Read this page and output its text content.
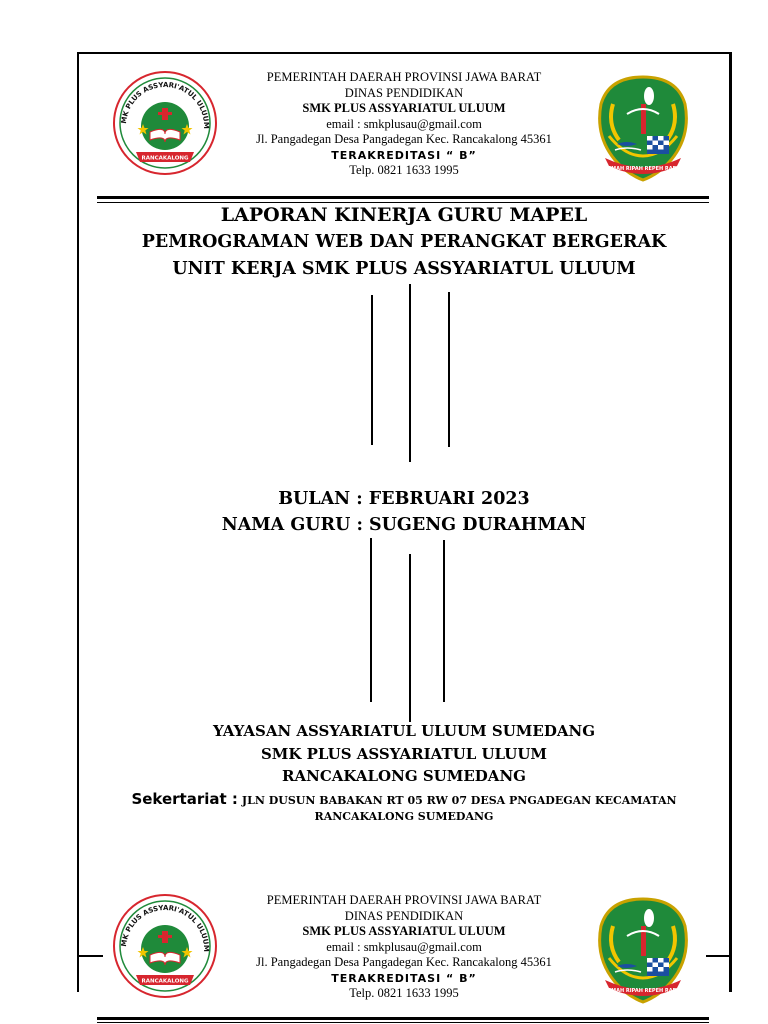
MK PLUS ASSYARI'ATUL ULUUM
RANCAKALONG
PEMERINTAH DAERAH PROVINSI JAWA BARAT
DINAS PENDIDIKAN
SMK PLUS ASSYARIATUL ULUUM
email : smkplusau@gmail.com
Jl. Pangadegan Desa Pangadegan Kec. Rancakalong 45361
TERAKREDITASI “ B”
Telp. 0821 1633 1995	GEMAH RIPAH REPEH RAPIH
LAPORAN KINERJA GURU MAPEL
PEMROGRAMAN WEB DAN PERANGKAT BERGERAK
UNIT KERJA SMK PLUS ASSYARIATUL ULUUM
BULAN : FEBRUARI 2023
NAMA GURU : SUGENG DURAHMAN
YAYASAN ASSYARIATUL ULUUM SUMEDANG
SMK PLUS ASSYARIATUL ULUUM
RANCAKALONG SUMEDANG
Sekertariat : JLN DUSUN BABAKAN RT 05 RW 07 DESA PNGADEGAN KECAMATAN
RANCAKALONG SUMEDANG
MK PLUS ASSYARI'ATUL ULUUM
RANCAKALONG
PEMERINTAH DAERAH PROVINSI JAWA BARAT
DINAS PENDIDIKAN
SMK PLUS ASSYARIATUL ULUUM
email : smkplusau@gmail.com
Jl. Pangadegan Desa Pangadegan Kec. Rancakalong 45361
TERAKREDITASI “ B”
Telp. 0821 1633 1995	GEMAH RIPAH REPEH RAPIH
